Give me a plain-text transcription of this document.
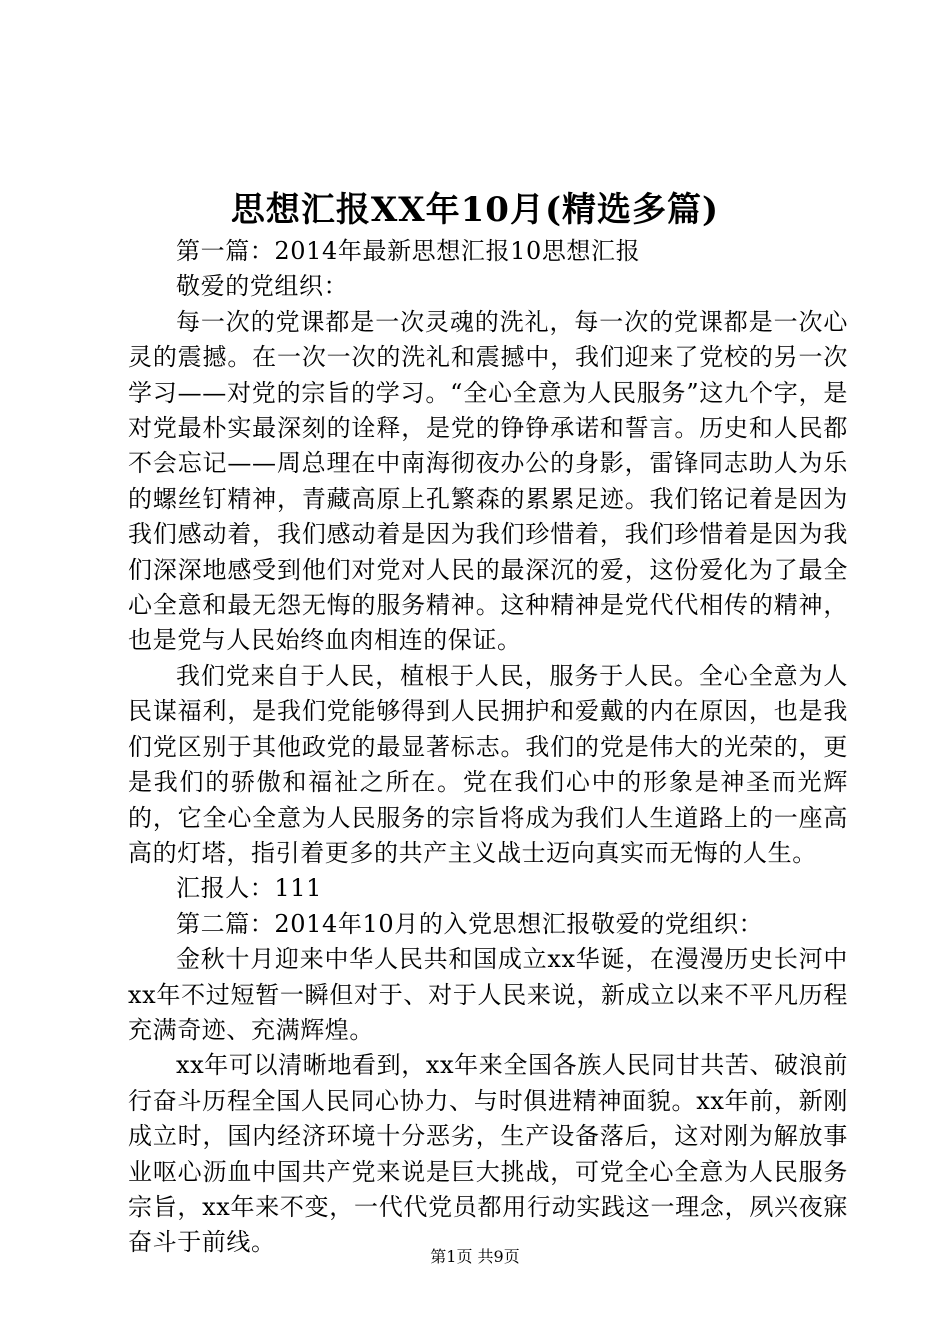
思想汇报XX年10月(精选多篇)

第一篇：2014年最新思想汇报10思想汇报

敬爱的党组织：

每一次的党课都是一次灵魂的洗礼，每一次的党课都是一次心灵的震撼。在一次一次的洗礼和震撼中，我们迎来了党校的另一次学习——对党的宗旨的学习。“全心全意为人民服务”这九个字，是对党最朴实最深刻的诠释，是党的铮铮承诺和誓言。历史和人民都不会忘记——周总理在中南海彻夜办公的身影，雷锋同志助人为乐的螺丝钉精神，青藏高原上孔繁森的累累足迹。我们铭记着是因为我们感动着，我们感动着是因为我们珍惜着，我们珍惜着是因为我们深深地感受到他们对党对人民的最深沉的爱，这份爱化为了最全心全意和最无怨无悔的服务精神。这种精神是党代代相传的精神，也是党与人民始终血肉相连的保证。

我们党来自于人民，植根于人民，服务于人民。全心全意为人民谋福利，是我们党能够得到人民拥护和爱戴的内在原因，也是我们党区别于其他政党的最显著标志。我们的党是伟大的光荣的，更是我们的骄傲和福祉之所在。党在我们心中的形象是神圣而光辉的，它全心全意为人民服务的宗旨将成为我们人生道路上的一座高高的灯塔，指引着更多的共产主义战士迈向真实而无悔的人生。

汇报人：111

第二篇：2014年10月的入党思想汇报敬爱的党组织：

金秋十月迎来中华人民共和国成立xx华诞，在漫漫历史长河中xx年不过短暂一瞬但对于、对于人民来说，新成立以来不平凡历程充满奇迹、充满辉煌。

xx年可以清晰地看到，xx年来全国各族人民同甘共苦、破浪前行奋斗历程全国人民同心协力、与时俱进精神面貌。xx年前，新刚成立时，国内经济环境十分恶劣，生产设备落后，这对刚为解放事业呕心沥血中国共产党来说是巨大挑战，可党全心全意为人民服务宗旨，xx年来不变，一代代党员都用行动实践这一理念，夙兴夜寐奋斗于前线。

第1页 共9页
